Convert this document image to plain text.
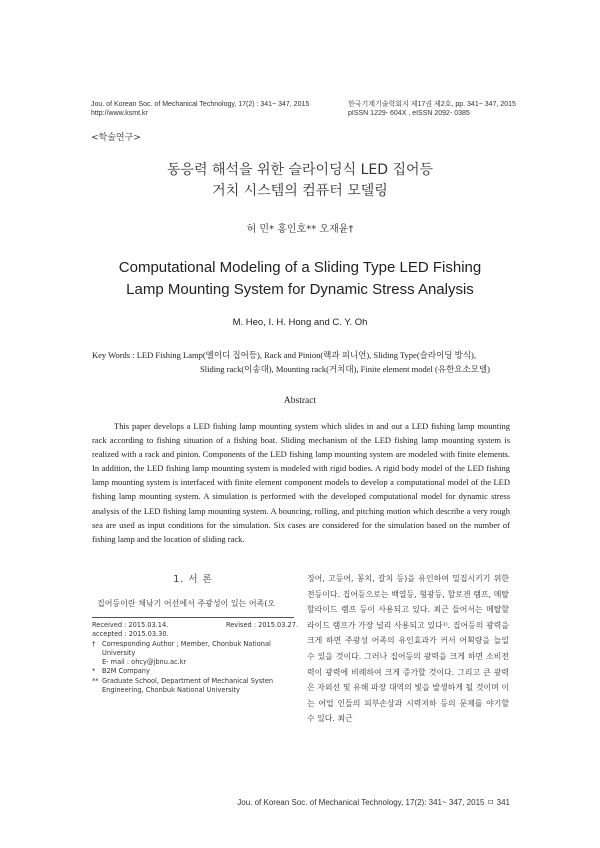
Jou. of Korean Soc. of Mechanical Technology, 17(2) : 341~ 347, 2015
http://www.ksmt.kr
한국기계기술학회지 제17권 제2호, pp. 341~ 347, 2015
pISSN 1229- 604X , eISSN 2092- 0385
<학술연구>
동응력 해석을 위한 슬라이딩식 LED 집어등
거치 시스템의 컴퓨터 모델링
허 민* 홍인호** 오재윤†
Computational Modeling of a Sliding Type LED Fishing
Lamp Mounting System for Dynamic Stress Analysis
M. Heo, I. H. Hong and C. Y. Oh
Key Words : LED Fishing Lamp(엘이디 집어등), Rack and Pinion(랙과 피니언), Sliding Type(슬라이딩 방식),
Sliding rack(이송대), Mounting rack(거치대), Finite element model (유한요소모델)
Abstract
This paper develops a LED fishing lamp mounting system which slides in and out a LED fishing lamp mounting rack according to fishing situation of a fishing boat. Sliding mechanism of the LED fishing lamp mounting system is realized with a rack and pinion. Components of the LED fishing lamp mounting system are modeled with finite elements. In addition, the LED fishing lamp mounting system is modeled with rigid bodies. A rigid body model of the LED fishing lamp mounting system is interfaced with finite element component models to develop a computational model of the LED fishing lamp mounting system. A simulation is performed with the developed computational model for dynamic stress analysis of the LED fishing lamp mounting system. A bouncing, rolling, and pitching motion which describe a very rough sea are used as input conditions for the simulation. Six cases are considered for the simulation based on the number of fishing lamp and the location of sliding rack.
1. 서 론
집어등이란 채낚기 어선에서 주광성이 있는 어족(오
Received : 2015.03.14.	Revised : 2015.03.27.
accepted : 2015.03.30.
† Corresponding Author ; Member, Chonbuk National
University
E- mail : ohcy@jbnu.ac.kr
* B2M Company
** Graduate School, Department of Mechanical Systen
Engineering, Chonbuk National University
징어, 고등어, 꽁치, 갈치 등)을 유인하여 밀집시키기 위한 전등이다. 집어등으로는 백열등, 형광등, 할로겐 램프, 메탈할라이드 램프 등이 사용되고 있다. 최근 들어서는 메탈할라이드 램프가 가장 널리 사용되고 있다¹⁾. 집어등의 광력을 크게 하면 주광성 어족의 유인효과가 커서 어획량을 늘일 수 있을 것이다. 그러나 집어등의 광력을 크게 하면 소비전력이 광력에 비례하여 크게 증가할 것이다. 그리고 큰 광력은 자외선 및 유해 파장 대역의 빛을 발생하게 될 것이며 이는 어업 인들의 피부손상과 시력저하 등의 문제를 야기할 수 있다. 최근
Jou. of Korean Soc. of Mechanical Technology, 17(2): 341~ 347, 2015 ㅁ 341
